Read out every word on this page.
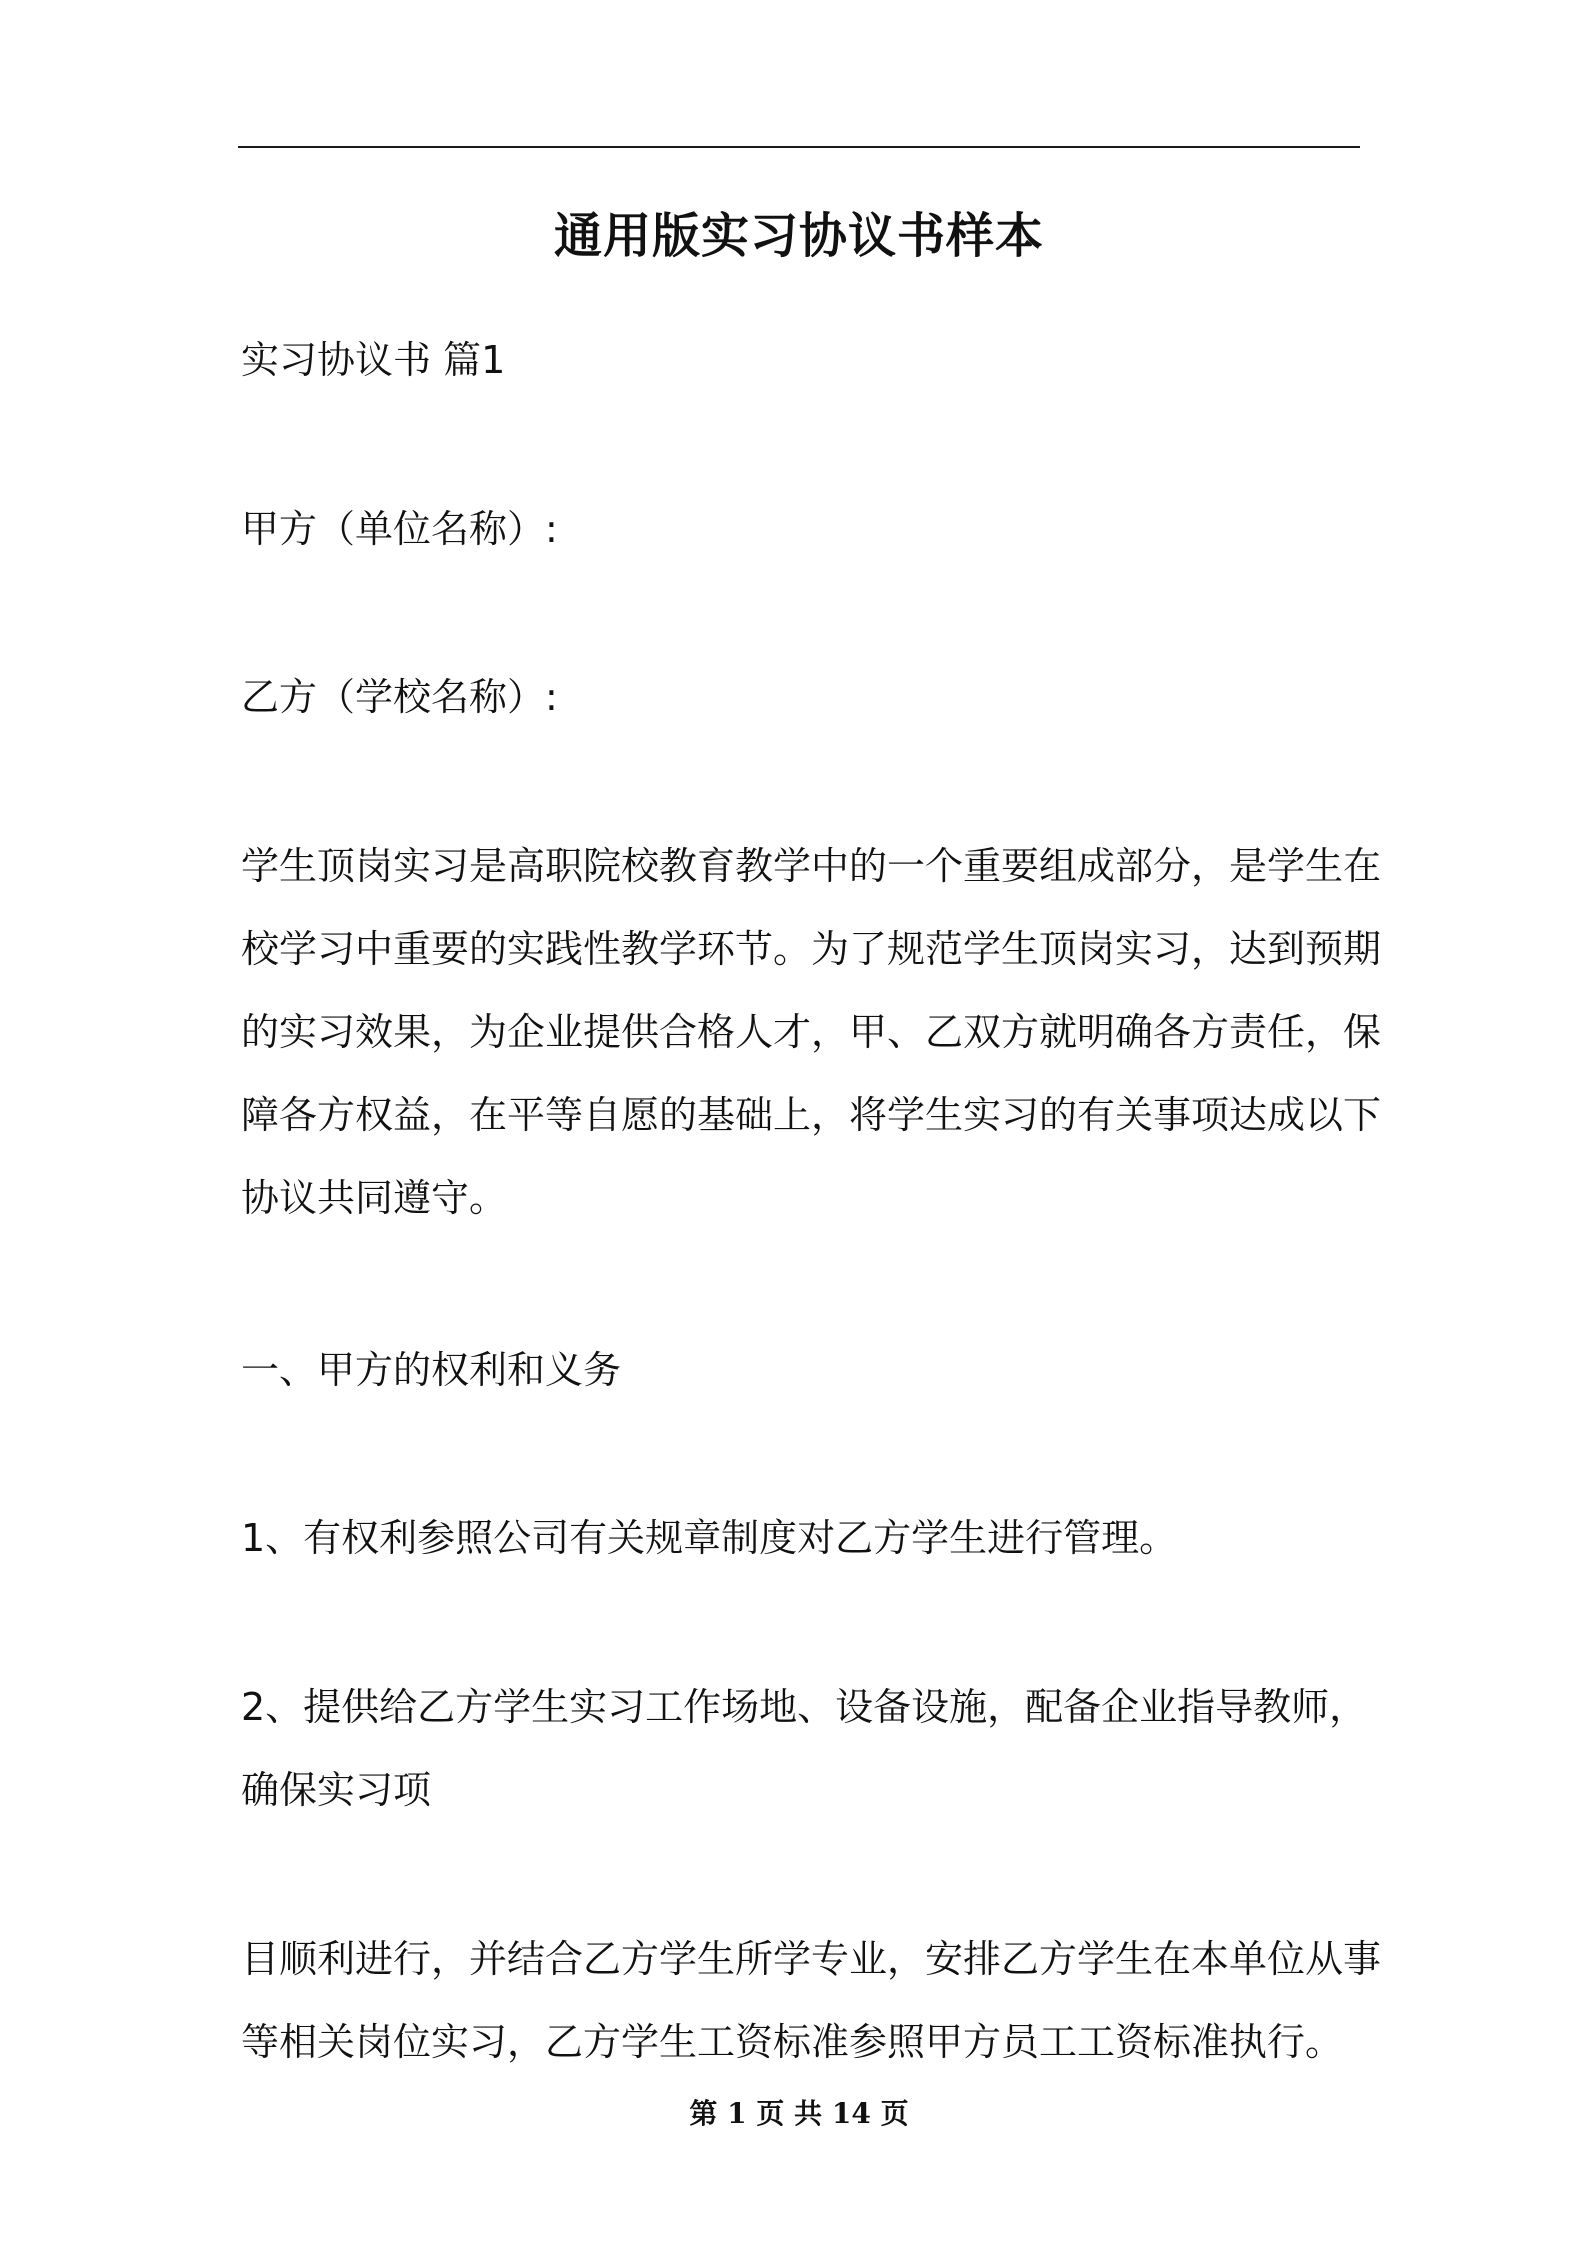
通用版实习协议书样本
实习协议书 篇1
甲方（单位名称）:
乙方（学校名称）:
学生顶岗实习是高职院校教育教学中的一个重要组成部分，是学生在
校学习中重要的实践性教学环节。为了规范学生顶岗实习，达到预期
的实习效果，为企业提供合格人才，甲、乙双方就明确各方责任，保
障各方权益，在平等自愿的基础上，将学生实习的有关事项达成以下
协议共同遵守。
一、甲方的权利和义务
1、有权利参照公司有关规章制度对乙方学生进行管理。
2、提供给乙方学生实习工作场地、设备设施，配备企业指导教师，
确保实习项
目顺利进行，并结合乙方学生所学专业，安排乙方学生在本单位从事
等相关岗位实习，乙方学生工资标准参照甲方员工工资标准执行。
第 1 页 共 14 页
